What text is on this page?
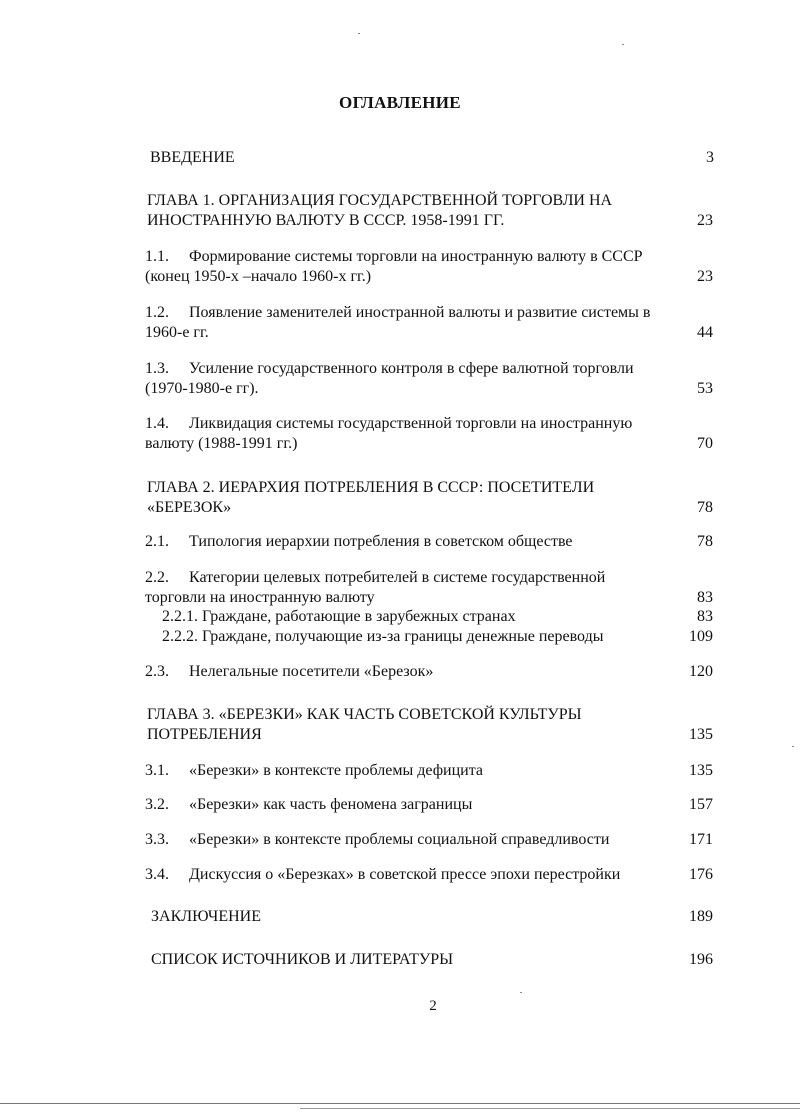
ОГЛАВЛЕНИЕ
ВВЕДЕНИЕ	3
ГЛАВА 1. ОРГАНИЗАЦИЯ ГОСУДАРСТВЕННОЙ ТОРГОВЛИ НА
ИНОСТРАННУЮ ВАЛЮТУ В СССР. 1958-1991 ГГ.	23
1.1. Формирование системы торговли на иностранную валюту в СССР
(конец 1950-х –начало 1960-х гг.)	23
1.2. Появление заменителей иностранной валюты и развитие системы в
1960-е гг.	44
1.3. Усиление государственного контроля в сфере валютной торговли
(1970-1980-е гг).	53
1.4. Ликвидация системы государственной торговли на иностранную
валюту (1988-1991 гг.)	70
ГЛАВА 2. ИЕРАРХИЯ ПОТРЕБЛЕНИЯ В СССР: ПОСЕТИТЕЛИ
«БЕРЕЗОК»	78
2.1. Типология иерархии потребления в советском обществе	78
2.2. Категории целевых потребителей в системе государственной
торговли на иностранную валюту	83
2.2.1. Граждане, работающие в зарубежных странах	83
2.2.2. Граждане, получающие из-за границы денежные переводы	109
2.3. Нелегальные посетители «Березок»	120
ГЛАВА 3. «БЕРЕЗКИ» КАК ЧАСТЬ СОВЕТСКОЙ КУЛЬТУРЫ
ПОТРЕБЛЕНИЯ	135
3.1. «Березки» в контексте проблемы дефицита	135
3.2. «Березки» как часть феномена заграницы	157
3.3. «Березки» в контексте проблемы социальной справедливости	171
3.4. Дискуссия о «Березках» в советской прессе эпохи перестройки	176
ЗАКЛЮЧЕНИЕ	189
СПИСОК ИСТОЧНИКОВ И ЛИТЕРАТУРЫ	196
2
